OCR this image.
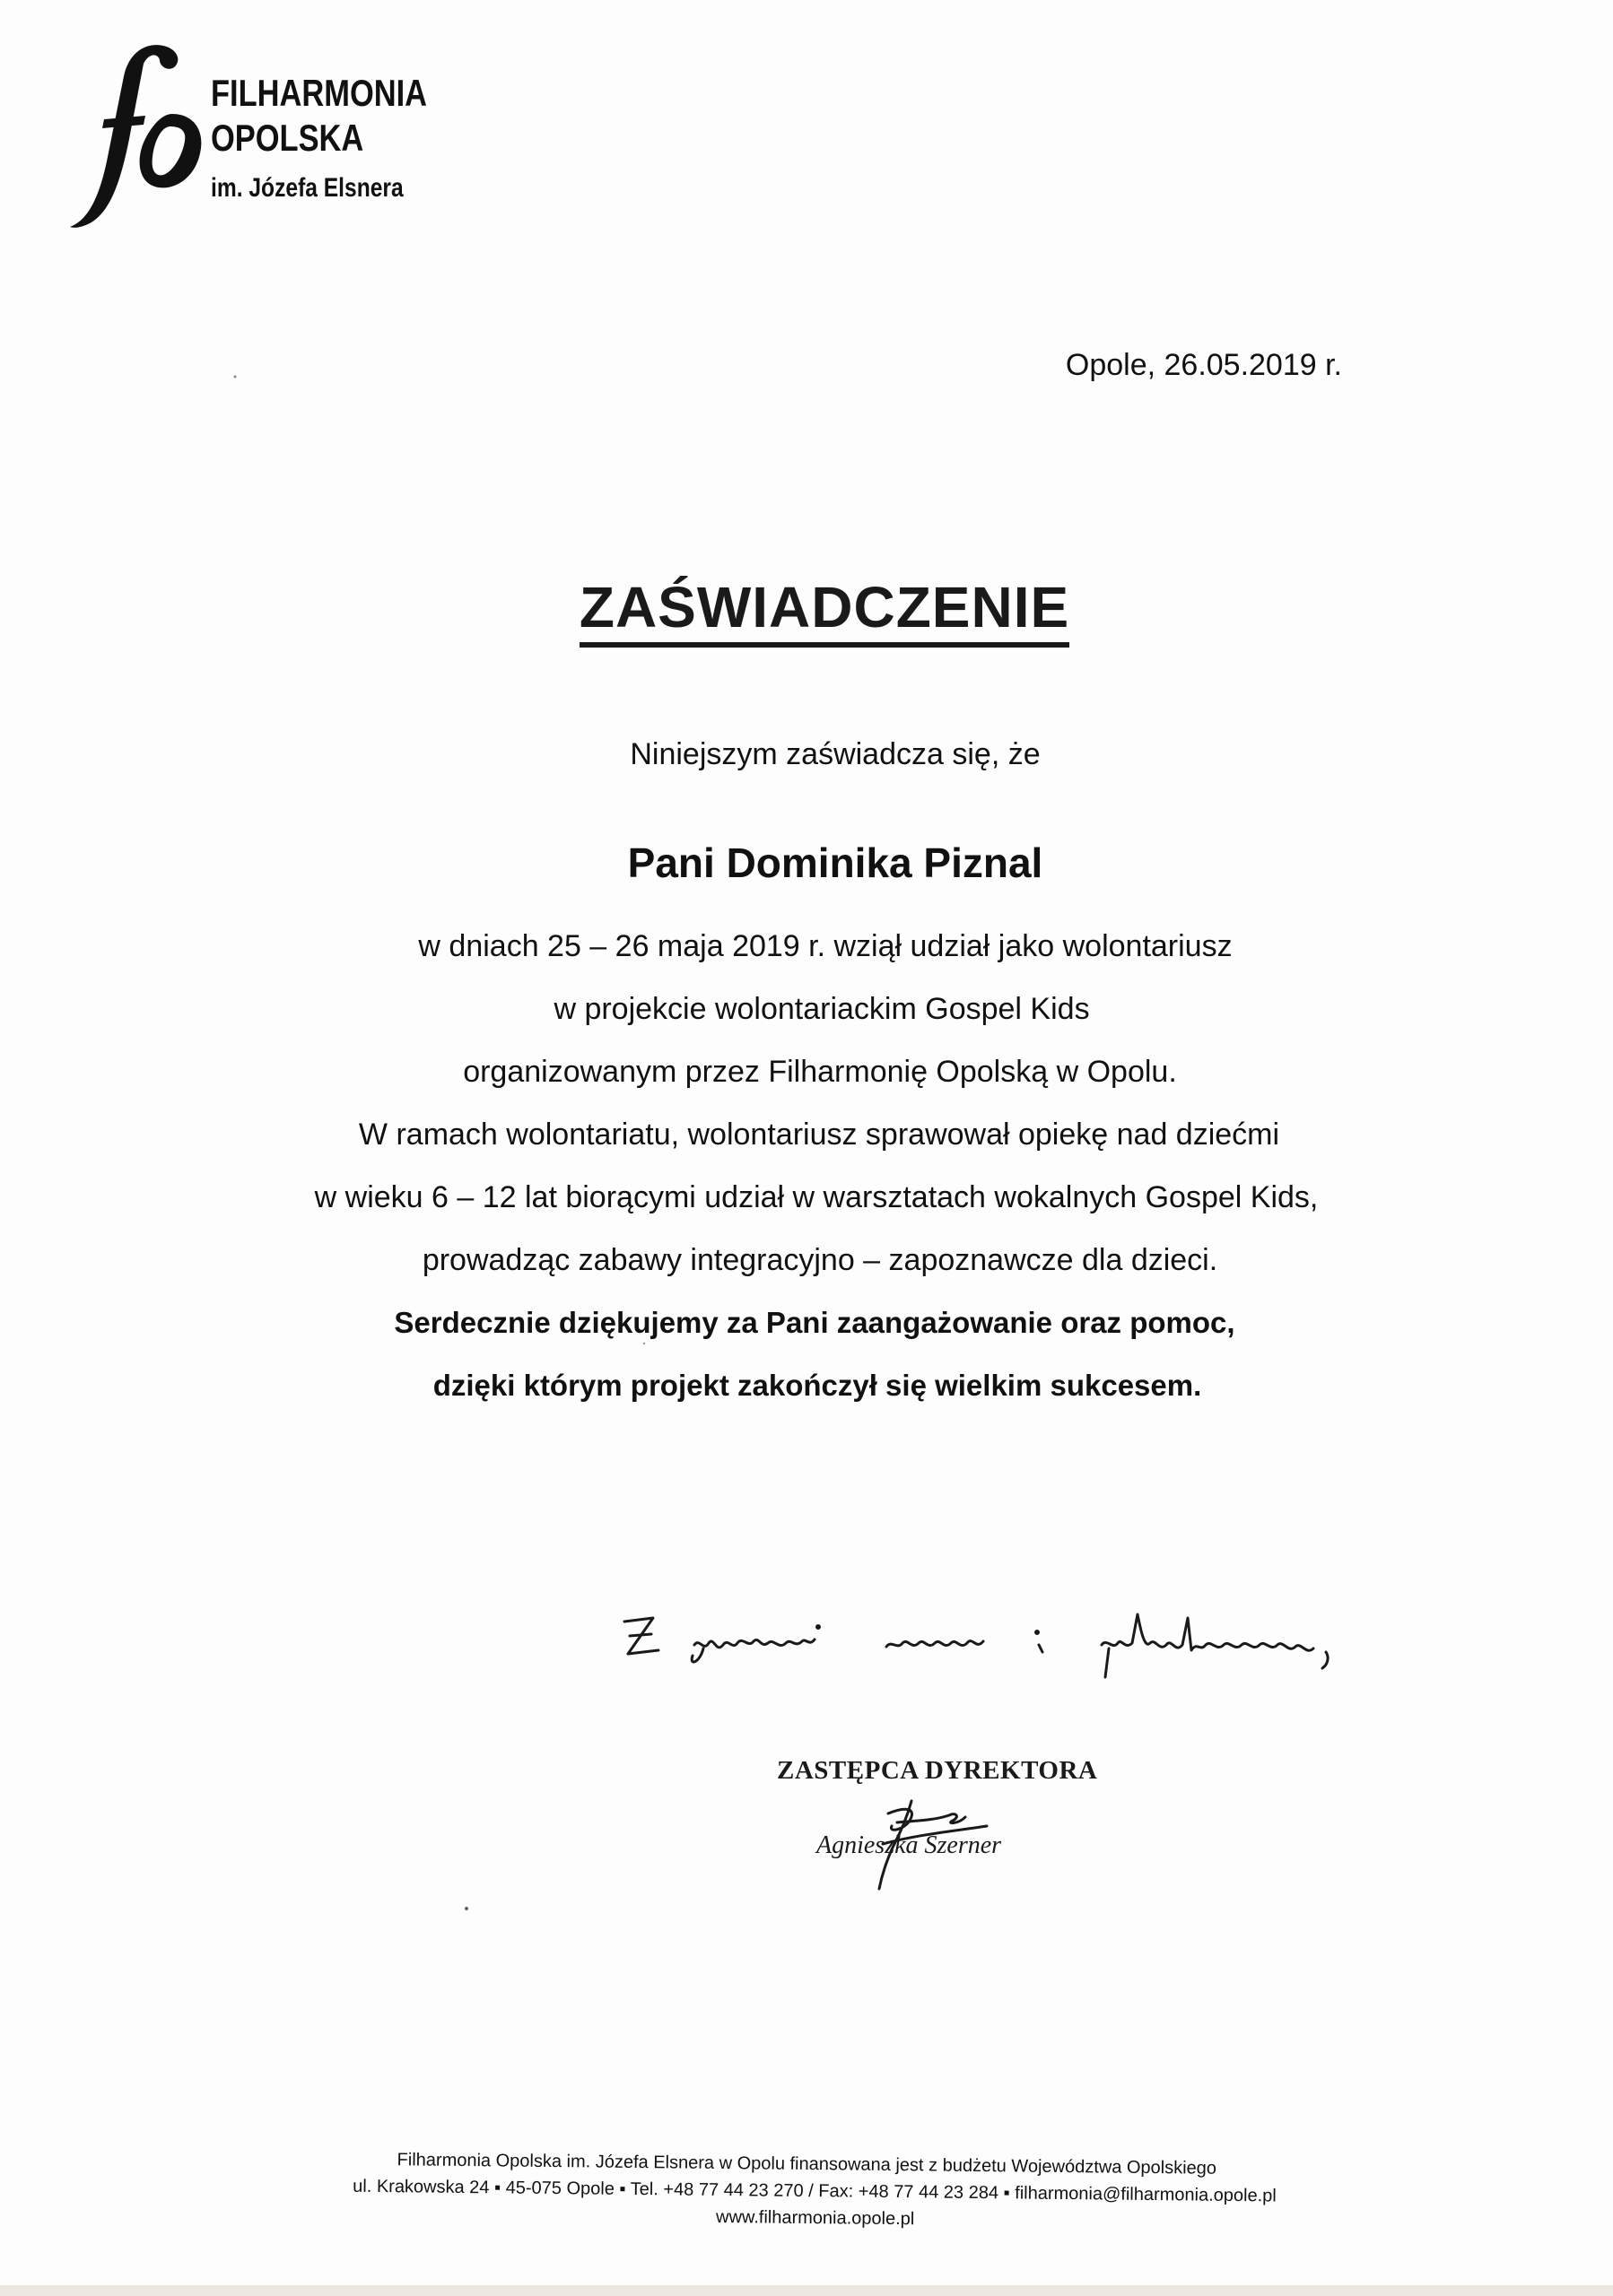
FILHARMONIA
OPOLSKA
im. Józefa Elsnera
Opole, 26.05.2019 r.
ZAŚWIADCZENIE
Niniejszym zaświadcza się, że
Pani Dominika Piznal
w dniach 25 – 26 maja 2019 r. wziął udział jako wolontariusz
w projekcie wolontariackim Gospel Kids
organizowanym przez Filharmonię Opolską w Opolu.
W ramach wolontariatu, wolontariusz sprawował opiekę nad dziećmi
w wieku 6 – 12 lat biorącymi udział w warsztatach wokalnych Gospel Kids,
prowadząc zabawy integracyjno – zapoznawcze dla dzieci.
Serdecznie dziękujemy za Pani zaangażowanie oraz pomoc,
dzięki którym projekt zakończył się wielkim sukcesem.
ZASTĘPCA DYREKTORA
Agnieszka Szerner
Filharmonia Opolska im. Józefa Elsnera w Opolu finansowana jest z budżetu Województwa Opolskiego
ul. Krakowska 24 ▪ 45-075 Opole ▪ Tel. +48 77 44 23 270 / Fax: +48 77 44 23 284 ▪ filharmonia@filharmonia.opole.pl
www.filharmonia.opole.pl
